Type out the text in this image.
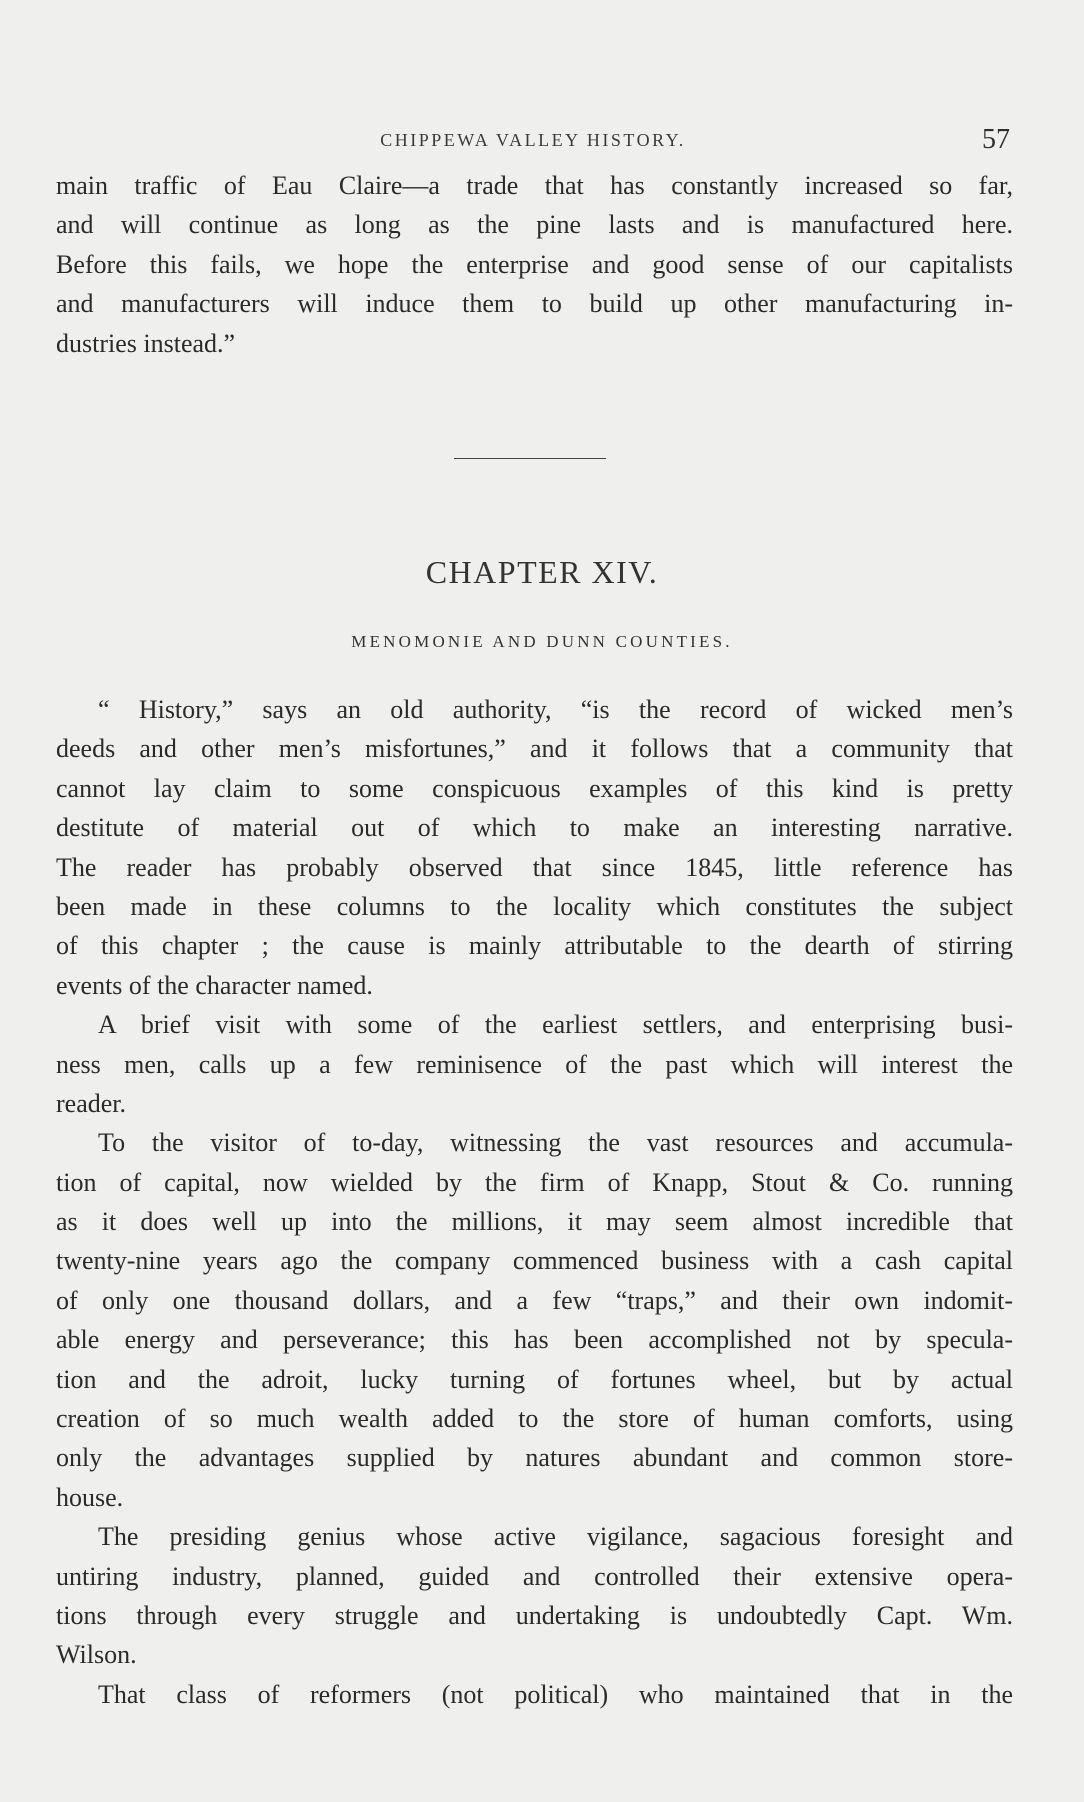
CHIPPEWA VALLEY HISTORY.	57
main traffic of Eau Claire—a trade that has constantly increased so far,
and will continue as long as the pine lasts and is manufactured here.
Before this fails, we hope the enterprise and good sense of our capitalists
and manufacturers will induce them to build up other manufacturing in-
dustries instead.”
CHAPTER XIV.
MENOMONIE AND DUNN COUNTIES.
“ History,” says an old authority, “is the record of wicked men’s
deeds and other men’s misfortunes,” and it follows that a community that
cannot lay claim to some conspicuous examples of this kind is pretty
destitute of material out of which to make an interesting narrative.
The reader has probably observed that since 1845, little reference has
been made in these columns to the locality which constitutes the subject
of this chapter ; the cause is mainly attributable to the dearth of stirring
events of the character named.
A brief visit with some of the earliest settlers, and enterprising busi-
ness men, calls up a few reminisence of the past which will interest the
reader.
To the visitor of to-day, witnessing the vast resources and accumula-
tion of capital, now wielded by the firm of Knapp, Stout & Co. running
as it does well up into the millions, it may seem almost incredible that
twenty-nine years ago the company commenced business with a cash capital
of only one thousand dollars, and a few “traps,” and their own indomit-
able energy and perseverance; this has been accomplished not by specula-
tion and the adroit, lucky turning of fortunes wheel, but by actual
creation of so much wealth added to the store of human comforts, using
only the advantages supplied by natures abundant and common store-
house.
The presiding genius whose active vigilance, sagacious foresight and
untiring industry, planned, guided and controlled their extensive opera-
tions through every struggle and undertaking is undoubtedly Capt. Wm.
Wilson.
That class of reformers (not political) who maintained that in the
